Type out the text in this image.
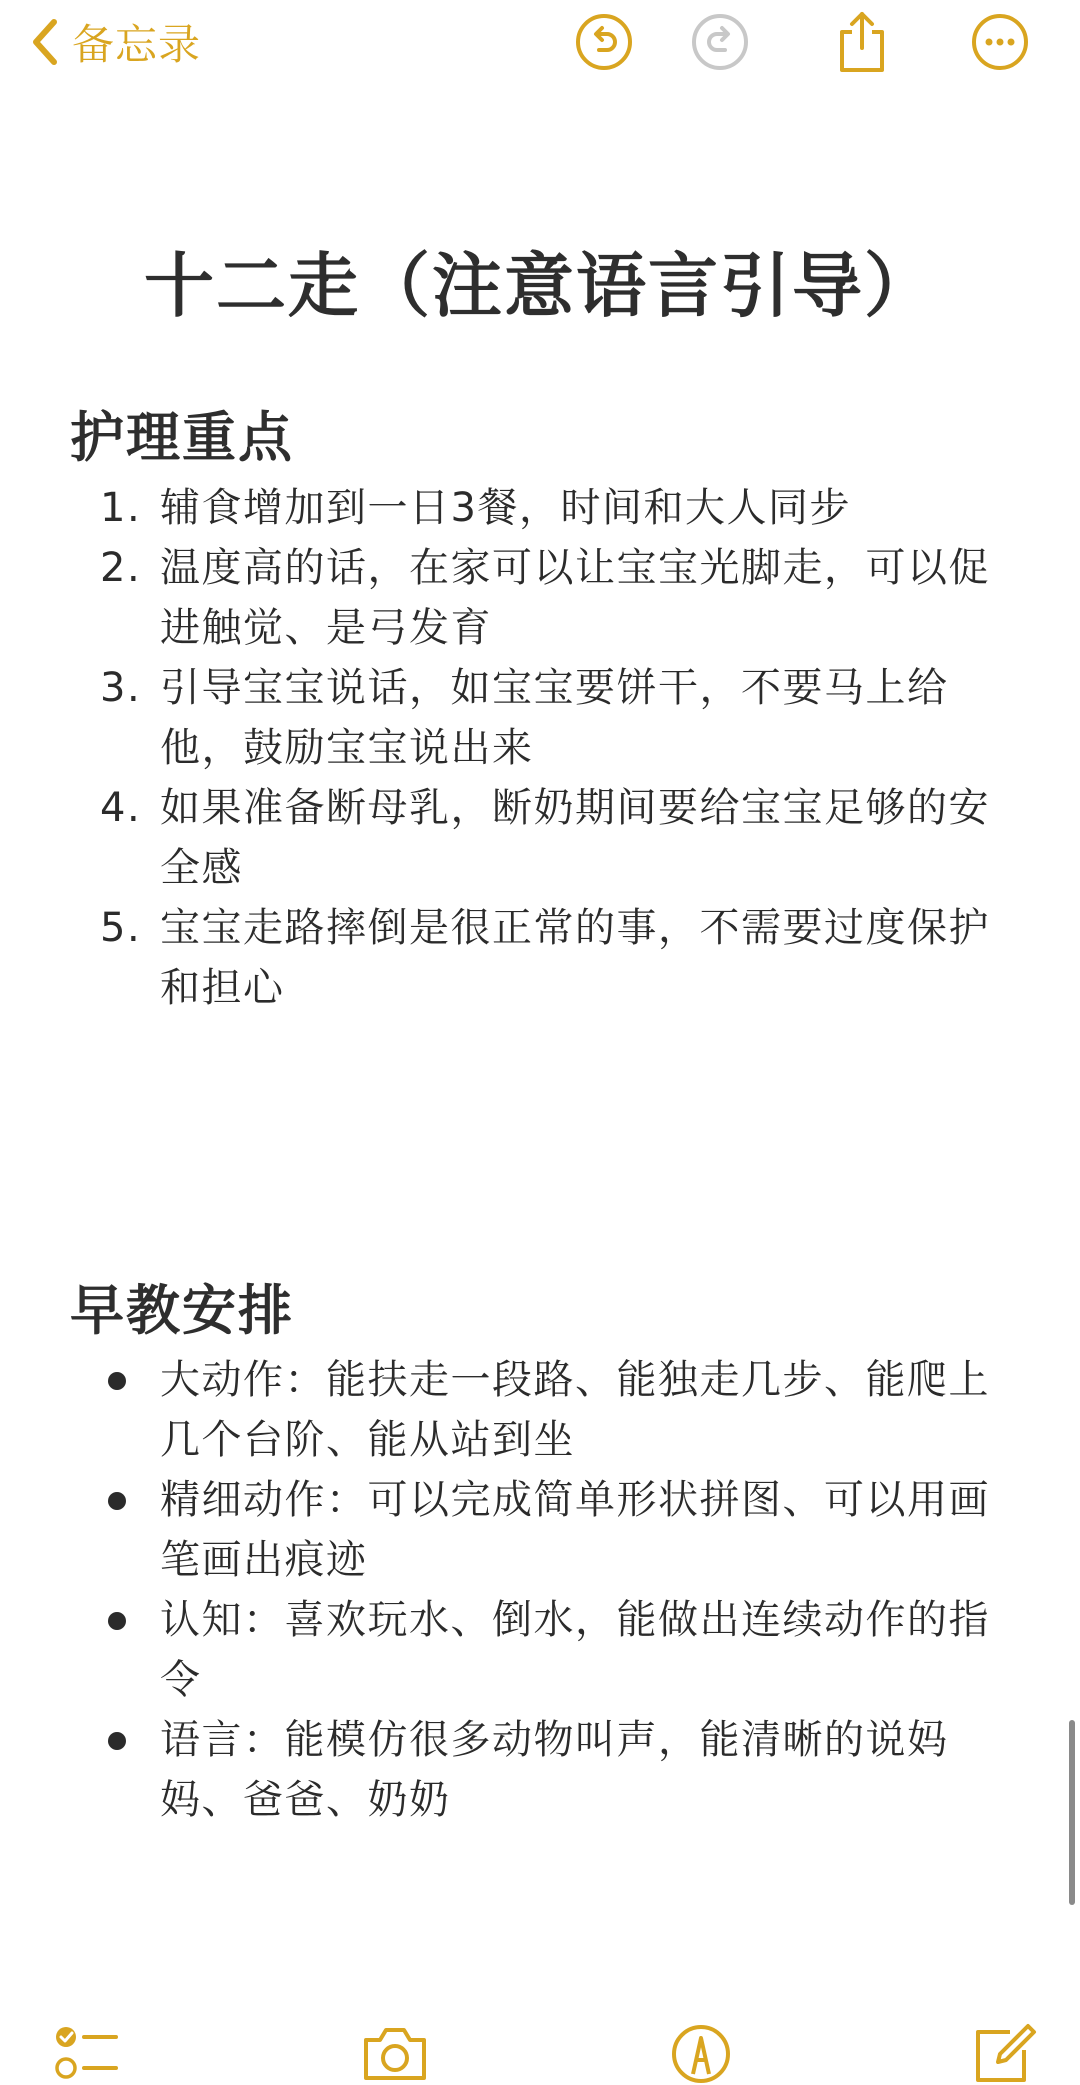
备忘录
十二走（注意语言引导）
护理重点
1. 辅食增加到一日3餐，时间和大人同步
2. 温度高的话，在家可以让宝宝光脚走，可以促进触觉、是弓发育
3. 引导宝宝说话，如宝宝要饼干，不要马上给他，鼓励宝宝说出来
4. 如果准备断母乳，断奶期间要给宝宝足够的安全感
5. 宝宝走路摔倒是很正常的事，不需要过度保护和担心
早教安排
大动作：能扶走一段路、能独走几步、能爬上几个台阶、能从站到坐
精细动作：可以完成简单形状拼图、可以用画笔画出痕迹
认知：喜欢玩水、倒水，能做出连续动作的指令
语言：能模仿很多动物叫声，能清晰的说妈妈、爸爸、奶奶
